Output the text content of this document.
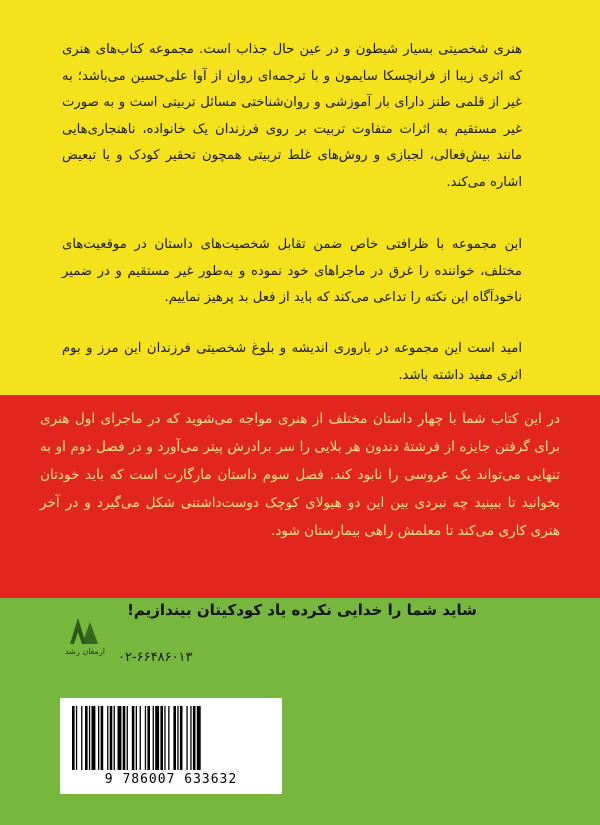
هنری شخصیتی بسیار شیطون و در عین حال جذاب است. مجموعه کتاب‌های هنری که اثری زیبا از فرانچسکا سایمون و با ترجمه‌ای روان از آوا علی‌حسین می‌باشد؛ به غیر از قلمی طنز دارای بار آموزشی و روان‌شناختی مسائل تربیتی است و به صورت غیر مستقیم به اثرات متفاوت تربیت بر روی فرزندان یک خانواده، ناهنجاری‌هایی مانند بیش‌فعالی، لجبازی و روش‌های غلط تربیتی همچون تحقیر کودک و یا تبعیض اشاره می‌کند.
این مجموعه با ظرافتی خاص ضمن تقابل شخصیت‌های داستان در موقعیت‌های مختلف، خواننده را غرق در ماجراهای خود نموده و به‌طور غیر مستقیم و در ضمیر ناخودآگاه این نکته را تداعی می‌کند که باید از فعل بد پرهیز نماییم.
امید است این مجموعه در باروری اندیشه و بلوغ شخصیتی فرزندان این مرز و بوم اثری مفید داشته باشد.
در این کتاب شما با چهار داستان مختلف از هنری مواجه می‌شوید که در ماجرای اول هنری برای گرفتن جایزه از فرشتهٔ دندون هر بلایی را سر برادرش پیتر می‌آورد و در فصل دوم او به تنهایی می‌تواند یک عروسی را نابود کند. فصل سوم داستان مارگارت است که باید خودتان بخوانید تا ببینید چه نبردی بین این دو هیولای کوچک دوست‌داشتنی شکل می‌گیرد و در آخر هنری کاری می‌کند تا معلمش راهی بیمارستان شود.
شاید شما را خدایی نکرده یاد کودکیتان بیندازیم!
ارمغان رشد	۰۲-۶۶۴۸۶۰۱۳
9 786007 633632
